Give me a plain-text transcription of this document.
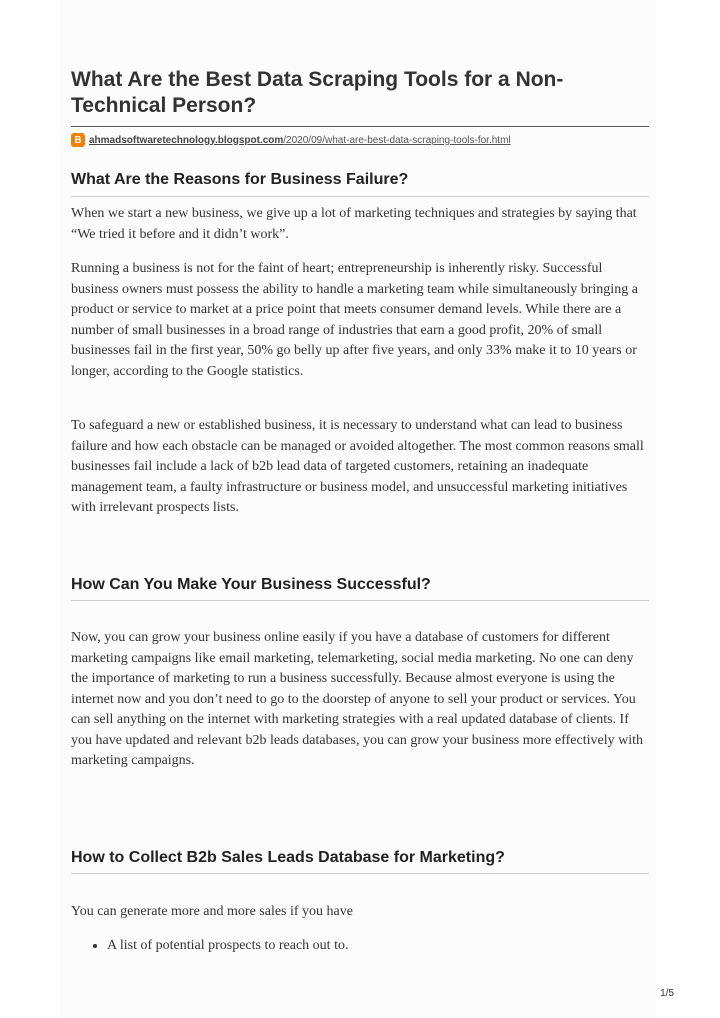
What Are the Best Data Scraping Tools for a Non-Technical Person?
B ahmadsoftwaretechnology.blogspot.com /2020/09/what-are-best-data-scraping-tools-for.html
What Are the Reasons for Business Failure?

When we start a new business, we give up a lot of marketing techniques and strategies by saying that “We tried it before and it didn’t work”.

Running a business is not for the faint of heart; entrepreneurship is inherently risky. Successful business owners must possess the ability to handle a marketing team while simultaneously bringing a product or service to market at a price point that meets consumer demand levels. While there are a number of small businesses in a broad range of industries that earn a good profit, 20% of small businesses fail in the first year, 50% go belly up after five years, and only 33% make it to 10 years or longer, according to the Google statistics.

To safeguard a new or established business, it is necessary to understand what can lead to business failure and how each obstacle can be managed or avoided altogether. The most common reasons small businesses fail include a lack of b2b lead data of targeted customers, retaining an inadequate management team, a faulty infrastructure or business model, and unsuccessful marketing initiatives with irrelevant prospects lists.

How Can You Make Your Business Successful?

Now, you can grow your business online easily if you have a database of customers for different marketing campaigns like email marketing, telemarketing, social media marketing. No one can deny the importance of marketing to run a business successfully. Because almost everyone is using the internet now and you don’t need to go to the doorstep of anyone to sell your product or services. You can sell anything on the internet with marketing strategies with a real updated database of clients. If you have updated and relevant b2b leads databases, you can grow your business more effectively with marketing campaigns.

How to Collect B2b Sales Leads Database for Marketing?

You can generate more and more sales if you have

• A list of potential prospects to reach out to.
1/5
